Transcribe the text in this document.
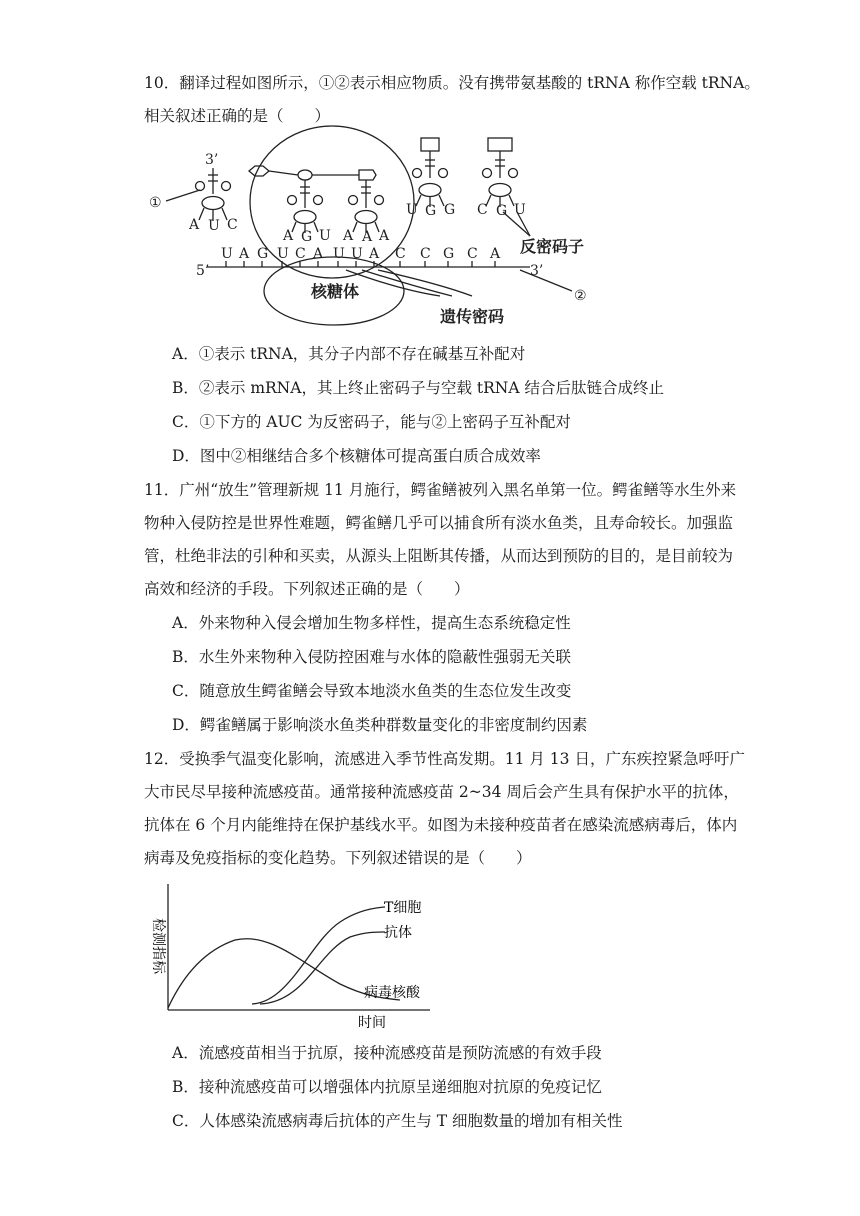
10．翻译过程如图所示，①②表示相应物质。没有携带氨基酸的 tRNA 称作空载 tRNA。
相关叙述正确的是（　　）
①
3’
5’	3’
反密码子
核糖体
遗传密码
②
U A G U C A U U A C C G C A
A U C
A G U A A A
U G G C G U
A．①表示 tRNA，其分子内部不存在碱基互补配对
B．②表示 mRNA，其上终止密码子与空载 tRNA 结合后肽链合成终止
C．①下方的 AUC 为反密码子，能与②上密码子互补配对
D．图中②相继结合多个核糖体可提高蛋白质合成效率
11．广州“放生”管理新规 11 月施行，鳄雀鳝被列入黑名单第一位。鳄雀鳝等水生外来
物种入侵防控是世界性难题，鳄雀鳝几乎可以捕食所有淡水鱼类，且寿命较长。加强监
管，杜绝非法的引种和买卖，从源头上阻断其传播，从而达到预防的目的，是目前较为
高效和经济的手段。下列叙述正确的是（　　）
A．外来物种入侵会增加生物多样性，提高生态系统稳定性
B．水生外来物种入侵防控困难与水体的隐蔽性强弱无关联
C．随意放生鳄雀鳝会导致本地淡水鱼类的生态位发生改变
D．鳄雀鳝属于影响淡水鱼类种群数量变化的非密度制约因素
12．受换季气温变化影响，流感进入季节性高发期。11 月 13 日，广东疾控紧急呼吁广
大市民尽早接种流感疫苗。通常接种流感疫苗 2~34 周后会产生具有保护水平的抗体，
抗体在 6 个月内能维持在保护基线水平。如图为未接种疫苗者在感染流感病毒后，体内
病毒及免疫指标的变化趋势。下列叙述错误的是（　　）
检测指标
时间
T细胞
抗体
病毒核酸
A．流感疫苗相当于抗原，接种流感疫苗是预防流感的有效手段
B．接种流感疫苗可以增强体内抗原呈递细胞对抗原的免疫记忆
C．人体感染流感病毒后抗体的产生与 T 细胞数量的增加有相关性
